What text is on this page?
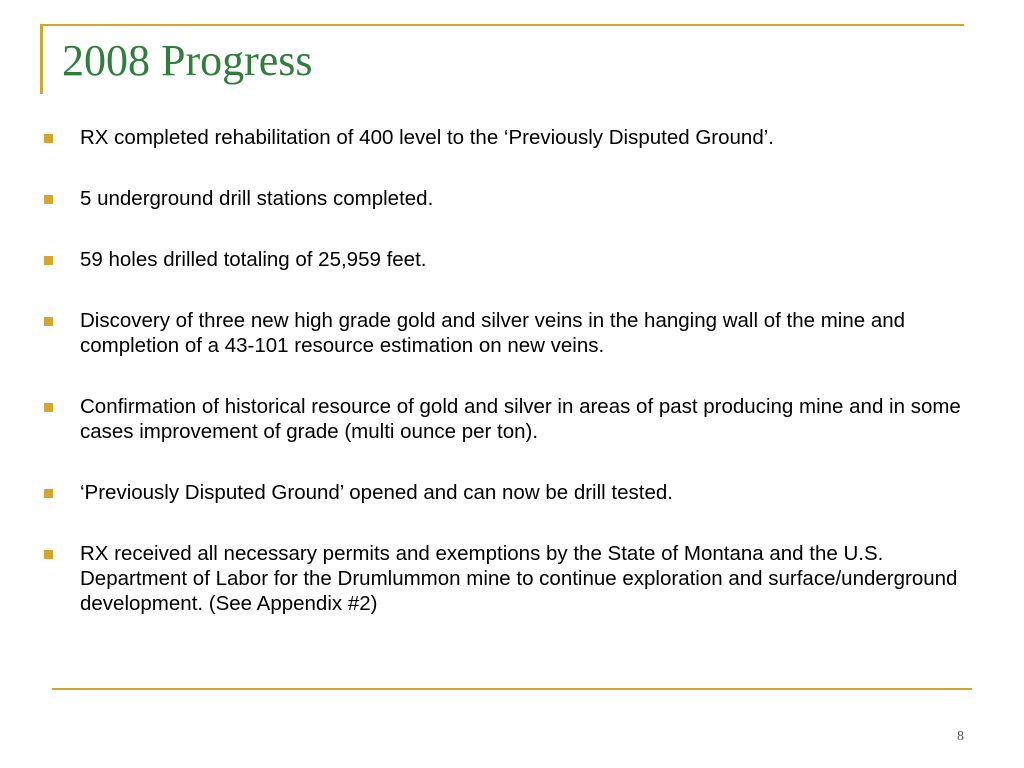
2008 Progress
RX completed rehabilitation of 400 level to the ‘Previously Disputed Ground’.
5 underground drill stations completed.
59 holes drilled totaling of 25,959 feet.
Discovery of three new high grade gold and silver veins in the hanging wall of the mine and completion of a 43-101 resource estimation on new veins.
Confirmation of historical resource of gold and silver in areas of past producing mine and in some cases improvement of grade (multi ounce per ton).
‘Previously Disputed Ground’ opened and can now be drill tested.
RX received all necessary permits and exemptions by the State of Montana and the U.S. Department of Labor for the Drumlummon mine to continue exploration and surface/underground development. (See Appendix #2)
8
